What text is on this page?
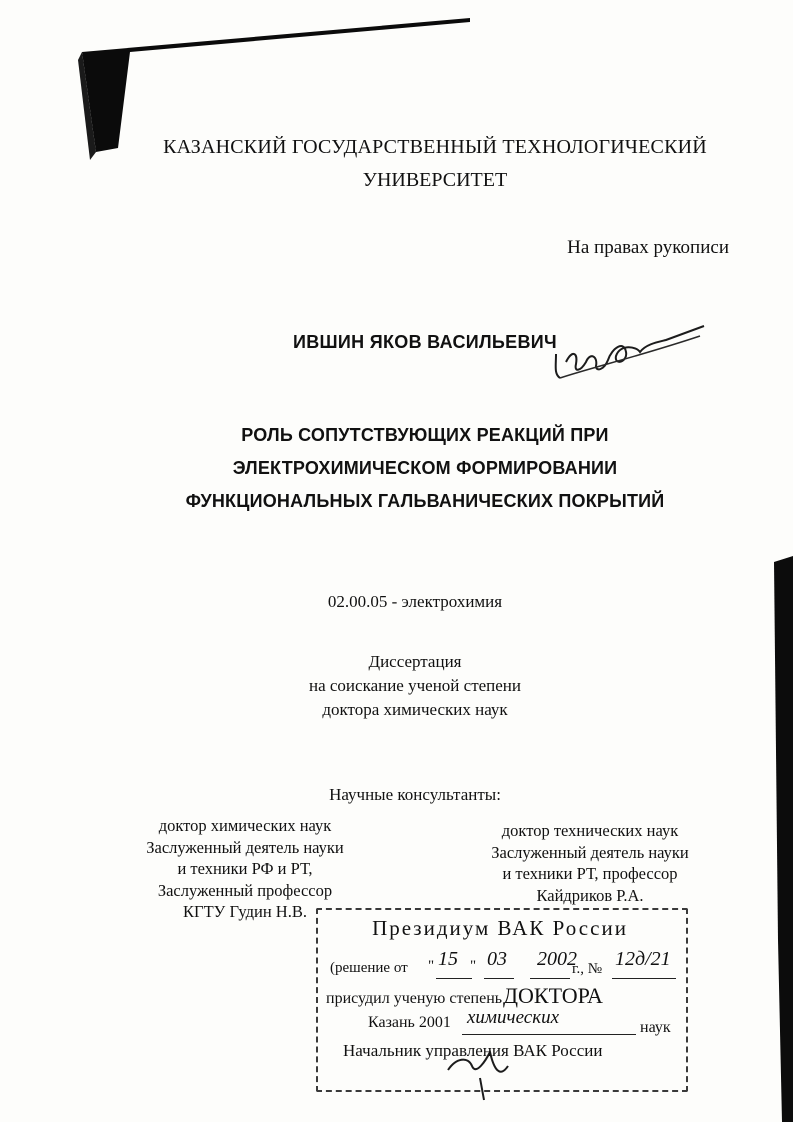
КАЗАНСКИЙ ГОСУДАРСТВЕННЫЙ ТЕХНОЛОГИЧЕСКИЙ
УНИВЕРСИТЕТ
На правах рукописи
ИВШИН ЯКОВ ВАСИЛЬЕВИЧ
РОЛЬ СОПУТСТВУЮЩИХ РЕАКЦИЙ ПРИ
ЭЛЕКТРОХИМИЧЕСКОМ ФОРМИРОВАНИИ
ФУНКЦИОНАЛЬНЫХ ГАЛЬВАНИЧЕСКИХ ПОКРЫТИЙ
02.00.05 - электрохимия
Диссертация
на соискание ученой степени
доктора химических наук
Научные консультанты:
доктор химических наук
Заслуженный деятель науки
и техники РФ и РТ,
Заслуженный профессор
КГТУ Гудин Н.В.
доктор технических наук
Заслуженный деятель науки
и техники РТ, профессор
Кайдриков Р.А.
Президиум ВАК России
(решение от " 15 " 03 2002
г., № 12д/21
присудил ученую степень ДОКТОРА
Казань 2001 химических	наук
Начальник управления ВАК России
